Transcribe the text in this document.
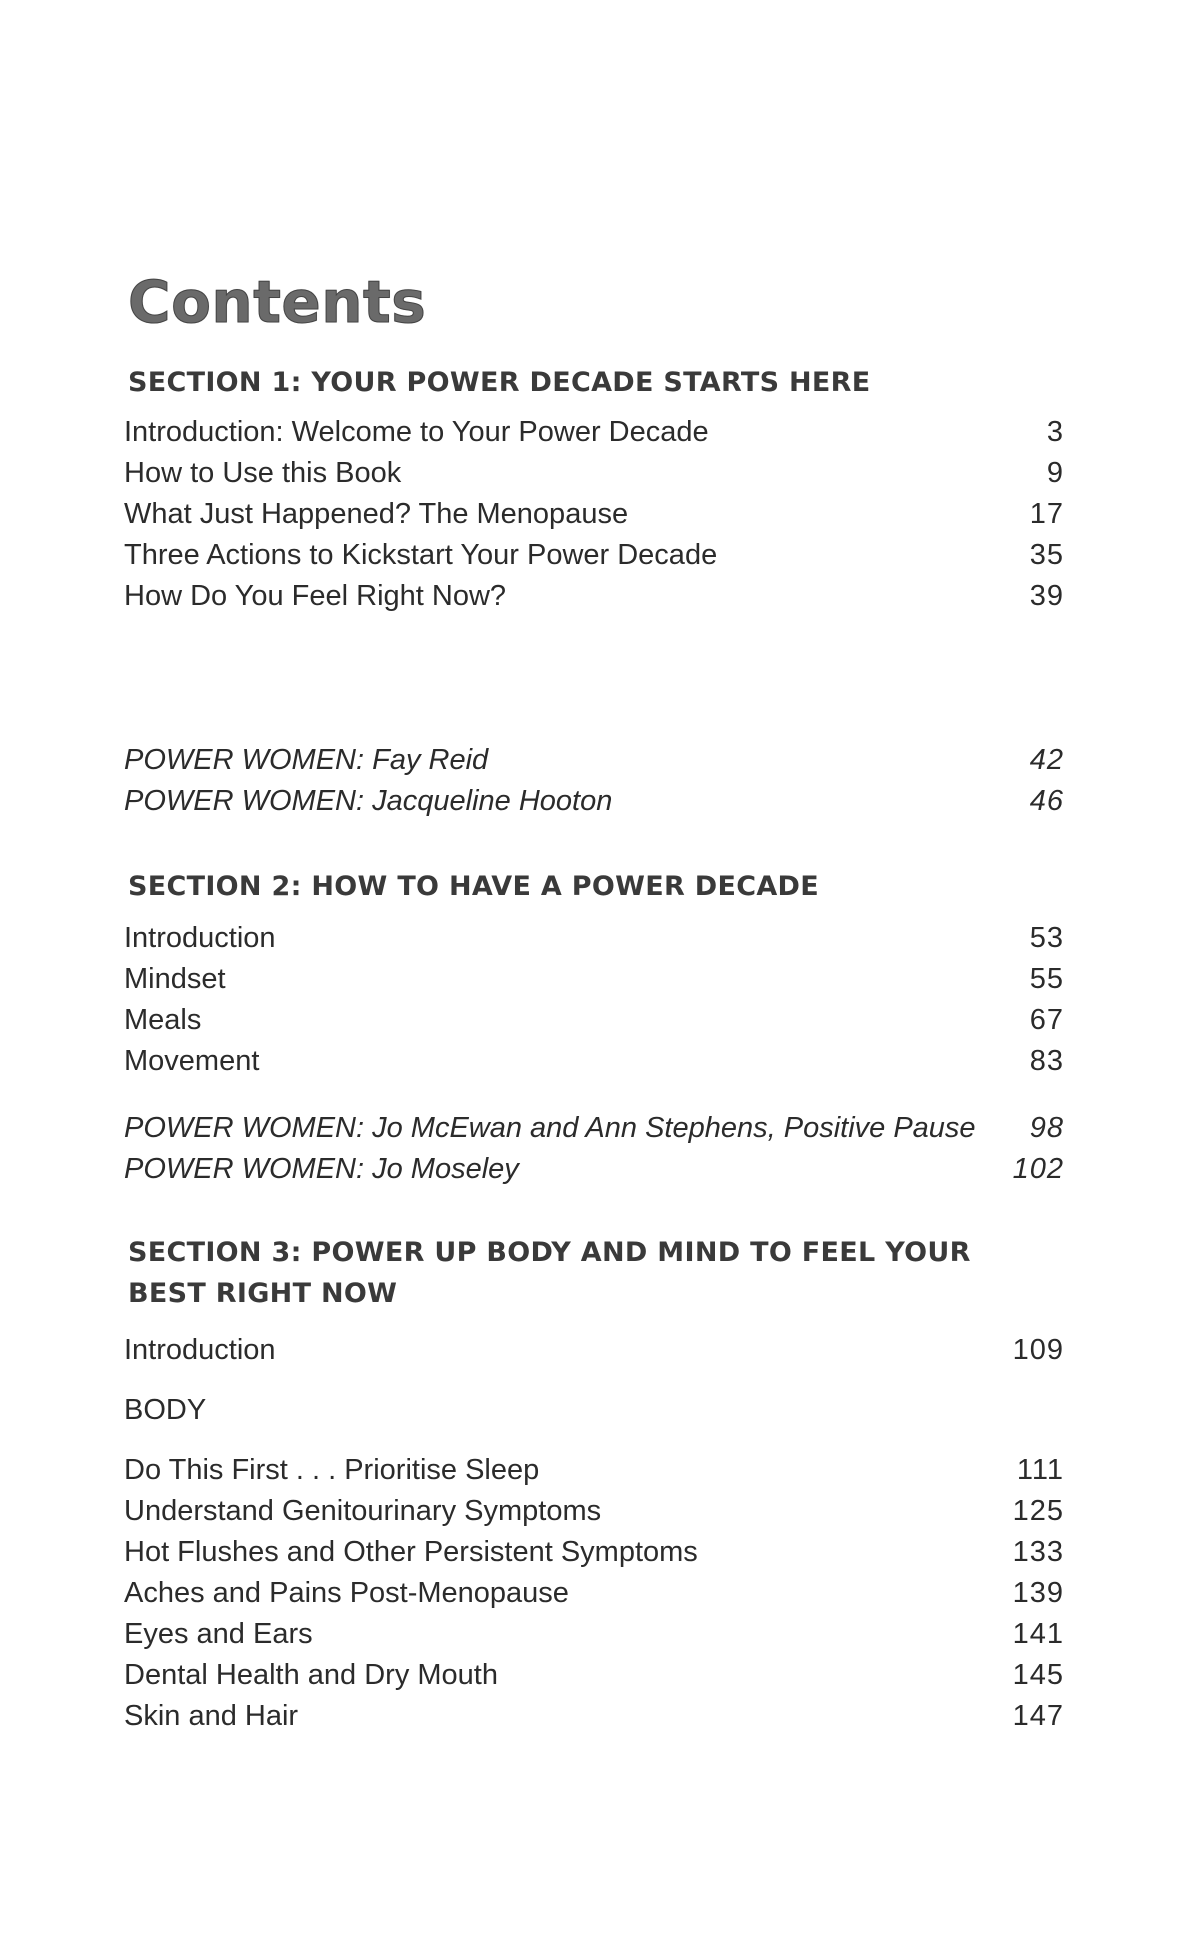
Contents
SECTION 1: YOUR POWER DECADE STARTS HERE
Introduction: Welcome to Your Power Decade	3
How to Use this Book	9
What Just Happened? The Menopause	17
Three Actions to Kickstart Your Power Decade	35
How Do You Feel Right Now?	39
POWER WOMEN: Fay Reid	42
POWER WOMEN: Jacqueline Hooton	46
SECTION 2: HOW TO HAVE A POWER DECADE
Introduction	53
Mindset	55
Meals	67
Movement	83
POWER WOMEN: Jo McEwan and Ann Stephens, Positive Pause 98
POWER WOMEN: Jo Moseley	102
SECTION 3: POWER UP BODY AND MIND TO FEEL YOUR
BEST RIGHT NOW
Introduction	109
BODY
Do This First . . . Prioritise Sleep	111
Understand Genitourinary Symptoms	125
Hot Flushes and Other Persistent Symptoms	133
Aches and Pains Post-Menopause	139
Eyes and Ears	141
Dental Health and Dry Mouth	145
Skin and Hair	147
